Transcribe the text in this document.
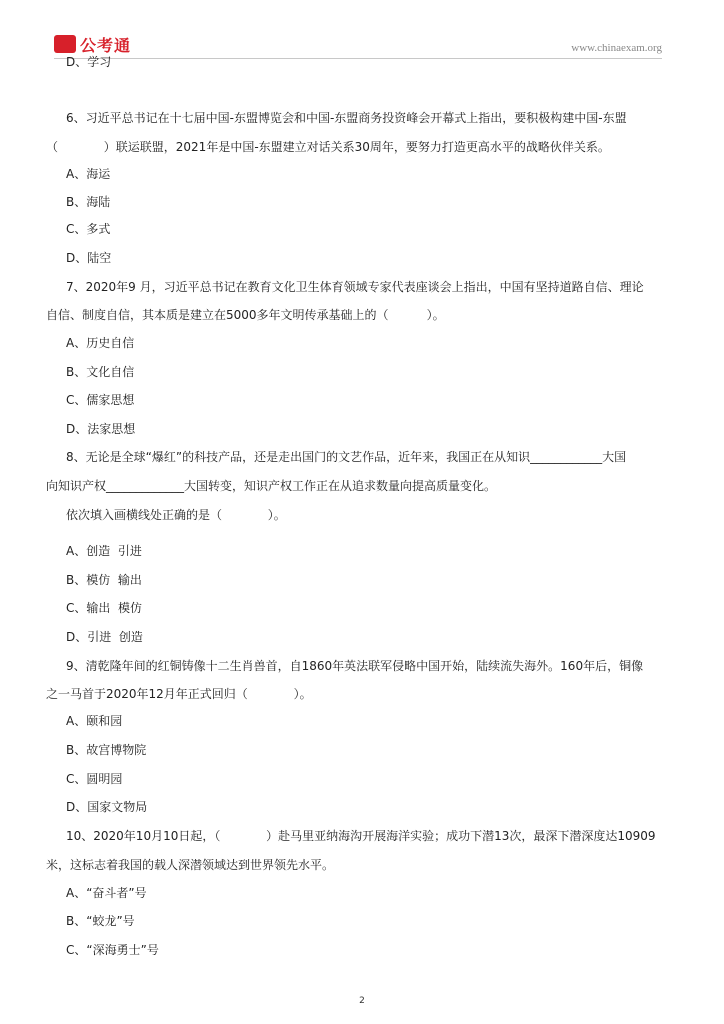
公考通	www.chinaexam.org
D、学习
6、习近平总书记在十七届中国-东盟博览会和中国-东盟商务投资峰会开幕式上指出，要积极构建中国-东盟
（            ）联运联盟，2021年是中国-东盟建立对话关系30周年，要努力打造更高水平的战略伙伴关系。
A、海运
B、海陆
C、多式
D、陆空
7、2020年9 月，习近平总书记在教育文化卫生体育领域专家代表座谈会上指出，中国有坚持道路自信、理论
自信、制度自信，其本质是建立在5000多年文明传承基础上的（          ）。
A、历史自信
B、文化自信
C、儒家思想
D、法家思想
8、无论是全球“爆红”的科技产品，还是走出国门的文艺作品，近年来，我国正在从知识____________大国
向知识产权_____________大国转变，知识产权工作正在从追求数量向提高质量变化。
依次填入画横线处正确的是（            ）。
A、创造  引进
B、模仿  输出
C、输出  模仿
D、引进  创造
9、清乾隆年间的红铜铸像十二生肖兽首，自1860年英法联军侵略中国开始，陆续流失海外。160年后，铜像
之一马首于2020年12月年正式回归（            ）。
A、颐和园
B、故宫博物院
C、圆明园
D、国家文物局
10、2020年10月10日起，（            ）赴马里亚纳海沟开展海洋实验；成功下潜13次，最深下潜深度达10909
米，这标志着我国的载人深潜领域达到世界领先水平。
A、“奋斗者”号
B、“蛟龙”号
C、“深海勇士”号
2
